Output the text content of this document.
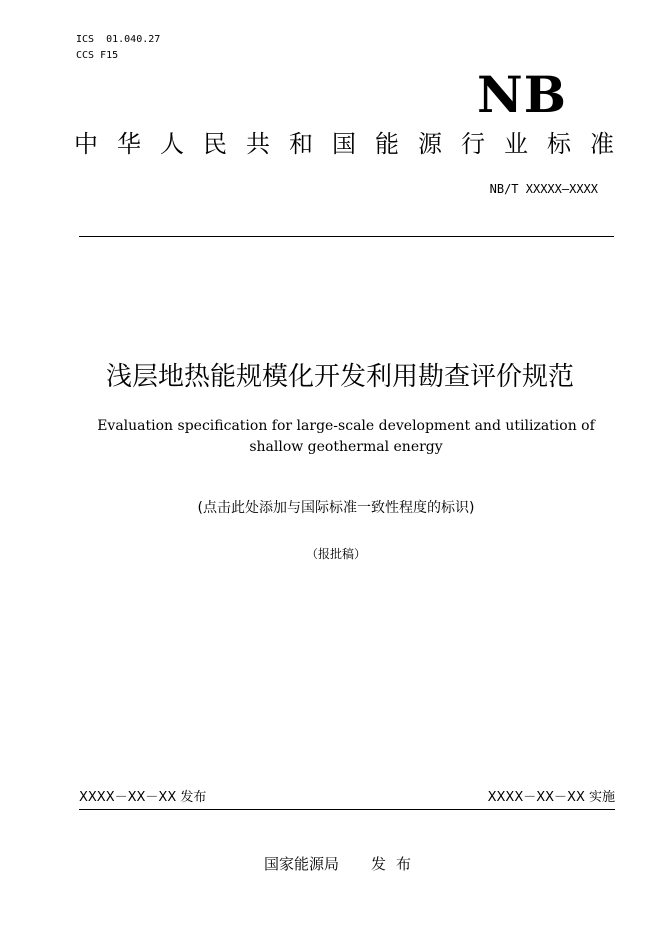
ICS  01.040.27
CCS F15
NB
中 华 人 民 共 和 国 能 源 行 业 标 准
NB/T XXXXX—XXXX
浅层地热能规模化开发利用勘查评价规范
Evaluation specification for large-scale development and utilization of shallow geothermal energy
(点击此处添加与国际标准一致性程度的标识)
（报批稿）
XXXX－XX－XX 发布	XXXX－XX－XX 实施
国家能源局 发布
